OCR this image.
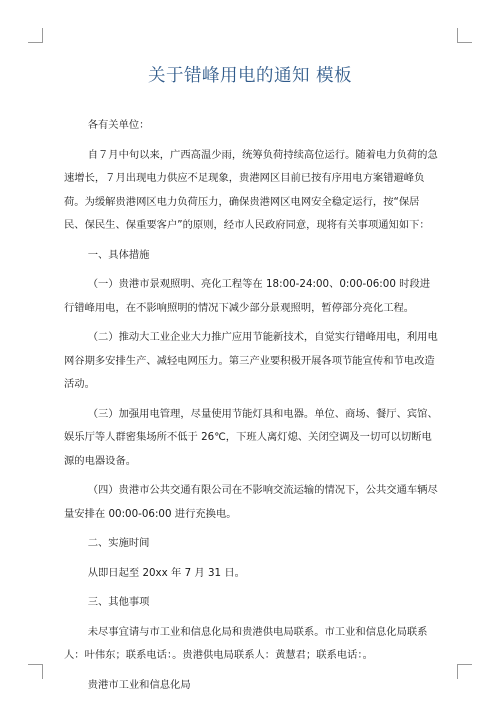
关于错峰用电的通知 模板

各有关单位：

自７月中旬以来，广西高温少雨，统筹负荷持续高位运行。随着电力负荷的急速增长，７月出现电力供应不足现象，贵港网区目前已按有序用电方案错避峰负荷。为缓解贵港网区电力负荷压力，确保贵港网区电网安全稳定运行，按“保居民、保民生、保重要客户”的原则，经市人民政府同意，现将有关事项通知如下：

一、具体措施

（一）贵港市景观照明、亮化工程等在 18:00-24:00、0:00-06:00 时段进行错峰用电，在不影响照明的情况下减少部分景观照明，暂停部分亮化工程。

（二）推动大工业企业大力推广应用节能新技术，自觉实行错峰用电，利用电网谷期多安排生产、减轻电网压力。第三产业要积极开展各项节能宣传和节电改造活动。

（三）加强用电管理，尽量使用节能灯具和电器。单位、商场、餐厅、宾馆、娱乐厅等人群密集场所不低于 26℃，下班人离灯熄、关闭空调及一切可以切断电源的电器设备。

（四）贵港市公共交通有限公司在不影响交流运输的情况下，公共交通车辆尽量安排在 00:00-06:00 进行充换电。

二、实施时间

从即日起至 20xx 年 7 月 31 日。

三、其他事项

未尽事宜请与市工业和信息化局和贵港供电局联系。市工业和信息化局联系人：叶伟东；联系电话：。贵港供电局联系人：黄慧君；联系电话：。

贵港市工业和信息化局
